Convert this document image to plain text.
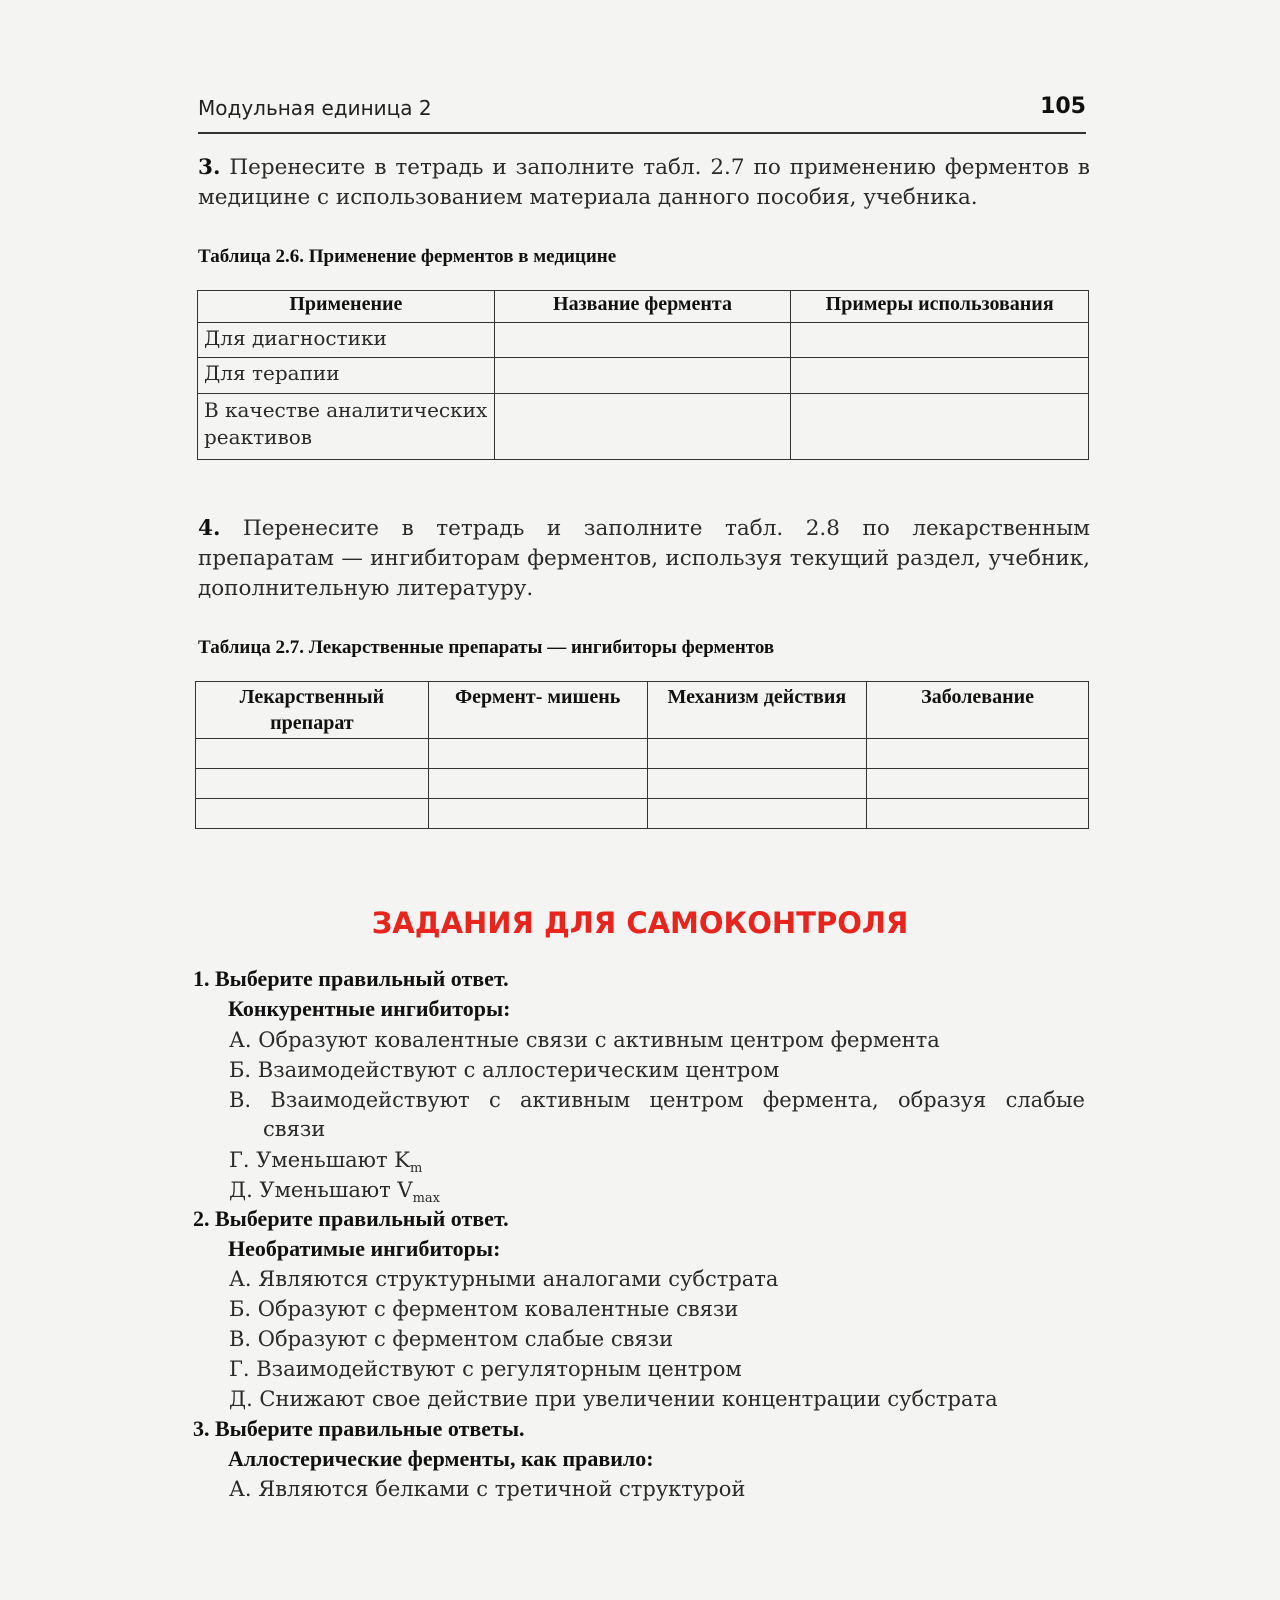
Модульная единица 2	105
3. Перенесите в тетрадь и заполните табл. 2.7 по применению ферментов в медицине с использованием материала данного пособия, учебника.
Таблица 2.6. Применение ферментов в медицине
Применение	Название фермента	Примеры использования
Для диагностики		
Для терапии		
В качестве аналитических реактивов		
4. Перенесите в тетрадь и заполните табл. 2.8 по лекарственным препаратам — ингибиторам ферментов, используя текущий раздел, учебник, дополнительную литературу.
Таблица 2.7. Лекарственные препараты — ингибиторы ферментов
Лекарственный препарат	Фермент- мишень	Механизм действия	Заболевание

ЗАДАНИЯ ДЛЯ САМОКОНТРОЛЯ
1. Выберите правильный ответ.
Конкурентные ингибиторы:
А. Образуют ковалентные связи с активным центром фермента
Б. Взаимодействуют с аллостерическим центром
В. Взаимодействуют с активным центром фермента, образуя слабые
связи
Г. Уменьшают $K_m$
Д. Уменьшают $V_{max}$
2. Выберите правильный ответ.
Необратимые ингибиторы:
А. Являются структурными аналогами субстрата
Б. Образуют с ферментом ковалентные связи
В. Образуют с ферментом слабые связи
Г. Взаимодействуют с регуляторным центром
Д. Снижают свое действие при увеличении концентрации субстрата
3. Выберите правильные ответы.
Аллостерические ферменты, как правило:
А. Являются белками с третичной структурой
